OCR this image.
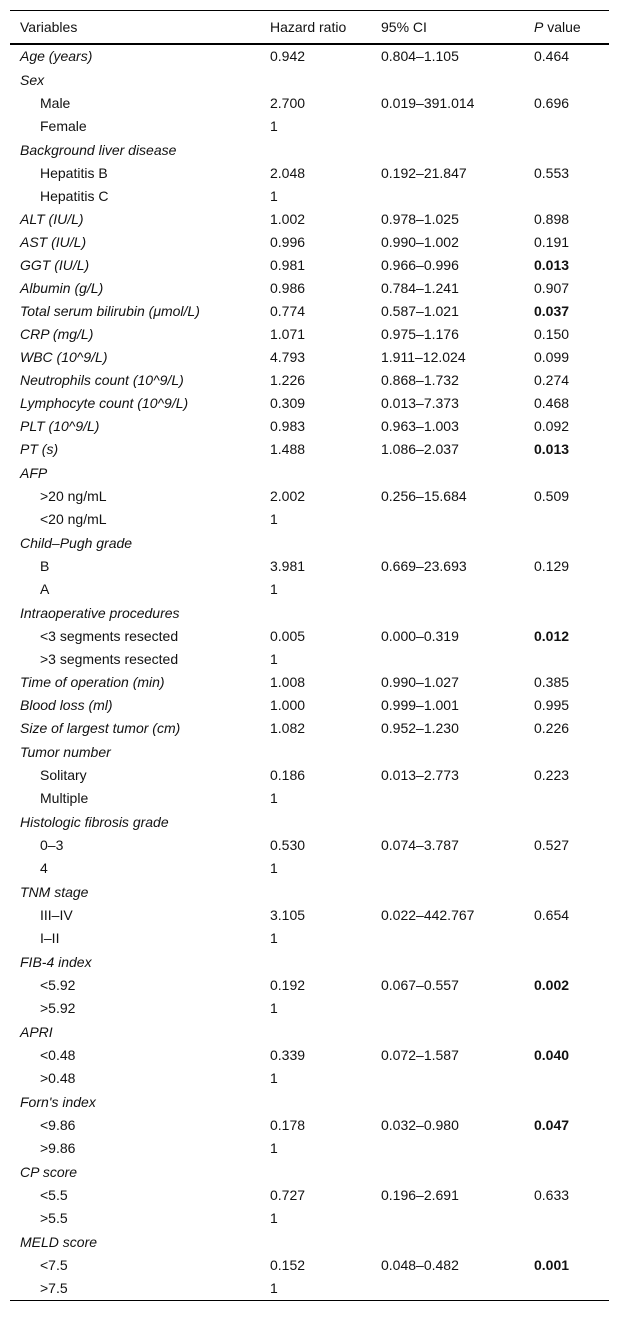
Variables	Hazard ratio	95% CI	P value
Age (years)	0.942	0.804–1.105	0.464
Sex			
Male	2.700	0.019–391.014	0.696
Female	1		
Background liver disease			
Hepatitis B	2.048	0.192–21.847	0.553
Hepatitis C	1		
ALT (IU/L)	1.002	0.978–1.025	0.898
AST (IU/L)	0.996	0.990–1.002	0.191
GGT (IU/L)	0.981	0.966–0.996	0.013
Albumin (g/L)	0.986	0.784–1.241	0.907
Total serum bilirubin (μmol/L)	0.774	0.587–1.021	0.037
CRP (mg/L)	1.071	0.975–1.176	0.150
WBC (10^9/L)	4.793	1.911–12.024	0.099
Neutrophils count (10^9/L)	1.226	0.868–1.732	0.274
Lymphocyte count (10^9/L)	0.309	0.013–7.373	0.468
PLT (10^9/L)	0.983	0.963–1.003	0.092
PT (s)	1.488	1.086–2.037	0.013
AFP			
>20 ng/mL	2.002	0.256–15.684	0.509
<20 ng/mL	1		
Child–Pugh grade			
B	3.981	0.669–23.693	0.129
A	1		
Intraoperative procedures			
<3 segments resected	0.005	0.000–0.319	0.012
>3 segments resected	1		
Time of operation (min)	1.008	0.990–1.027	0.385
Blood loss (ml)	1.000	0.999–1.001	0.995
Size of largest tumor (cm)	1.082	0.952–1.230	0.226
Tumor number			
Solitary	0.186	0.013–2.773	0.223
Multiple	1		
Histologic fibrosis grade			
0–3	0.530	0.074–3.787	0.527
4	1		
TNM stage			
III–IV	3.105	0.022–442.767	0.654
I–II	1		
FIB-4 index			
<5.92	0.192	0.067–0.557	0.002
>5.92	1		
APRI			
<0.48	0.339	0.072–1.587	0.040
>0.48	1		
Forn's index			
<9.86	0.178	0.032–0.980	0.047
>9.86	1		
CP score			
<5.5	0.727	0.196–2.691	0.633
>5.5	1		
MELD score			
<7.5	0.152	0.048–0.482	0.001
>7.5	1		
